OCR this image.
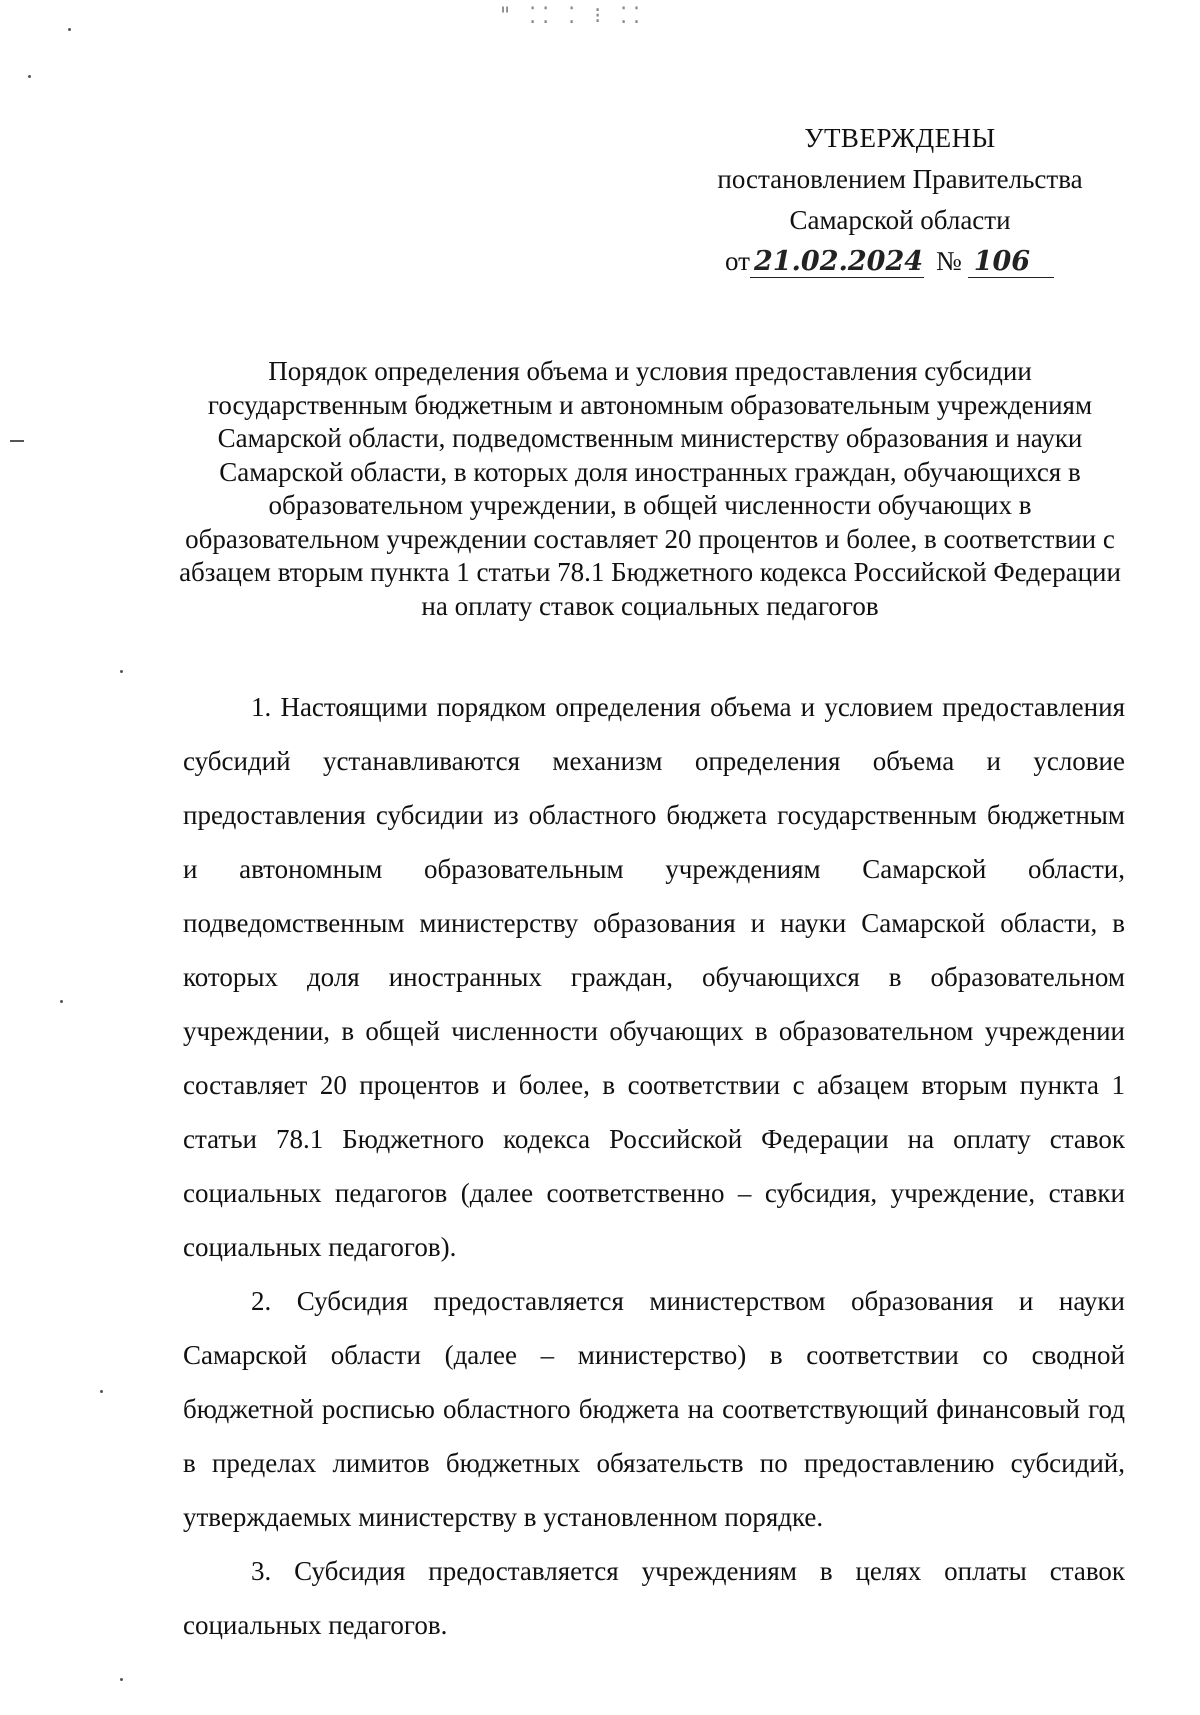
" ⁚⁚ ⁚ ⁝ ⁚⁚
УТВЕРЖДЕНЫ
постановлением Правительства
Самарской области
от 21.02.2024 № 106
Порядок определения объема и условия предоставления субсидии государственным бюджетным и автономным образовательным учреждениям Самарской области, подведомственным министерству образования и науки Самарской области, в которых доля иностранных граждан, обучающихся в образовательном учреждении, в общей численности обучающих в образовательном учреждении составляет 20 процентов и более, в соответствии с абзацем вторым пункта 1 статьи 78.1 Бюджетного кодекса Российской Федерации на оплату ставок социальных педагогов

1. Настоящими порядком определения объема и условием предоставления субсидий устанавливаются механизм определения объема и условие предоставления субсидии из областного бюджета государственным бюджетным и автономным образовательным учреждениям Самарской области, подведомственным министерству образования и науки Самарской области, в которых доля иностранных граждан, обучающихся в образовательном учреждении, в общей численности обучающих в образовательном учреждении составляет 20 процентов и более, в соответствии с абзацем вторым пункта 1 статьи 78.1 Бюджетного кодекса Российской Федерации на оплату ставок социальных педагогов (далее соответственно – субсидия, учреждение, ставки социальных педагогов).

2. Субсидия предоставляется министерством образования и науки Самарской области (далее – министерство) в соответствии со сводной бюджетной росписью областного бюджета на соответствующий финансовый год в пределах лимитов бюджетных обязательств по предоставлению субсидий, утверждаемых министерству в установленном порядке.

3. Субсидия предоставляется учреждениям в целях оплаты ставок социальных педагогов.
